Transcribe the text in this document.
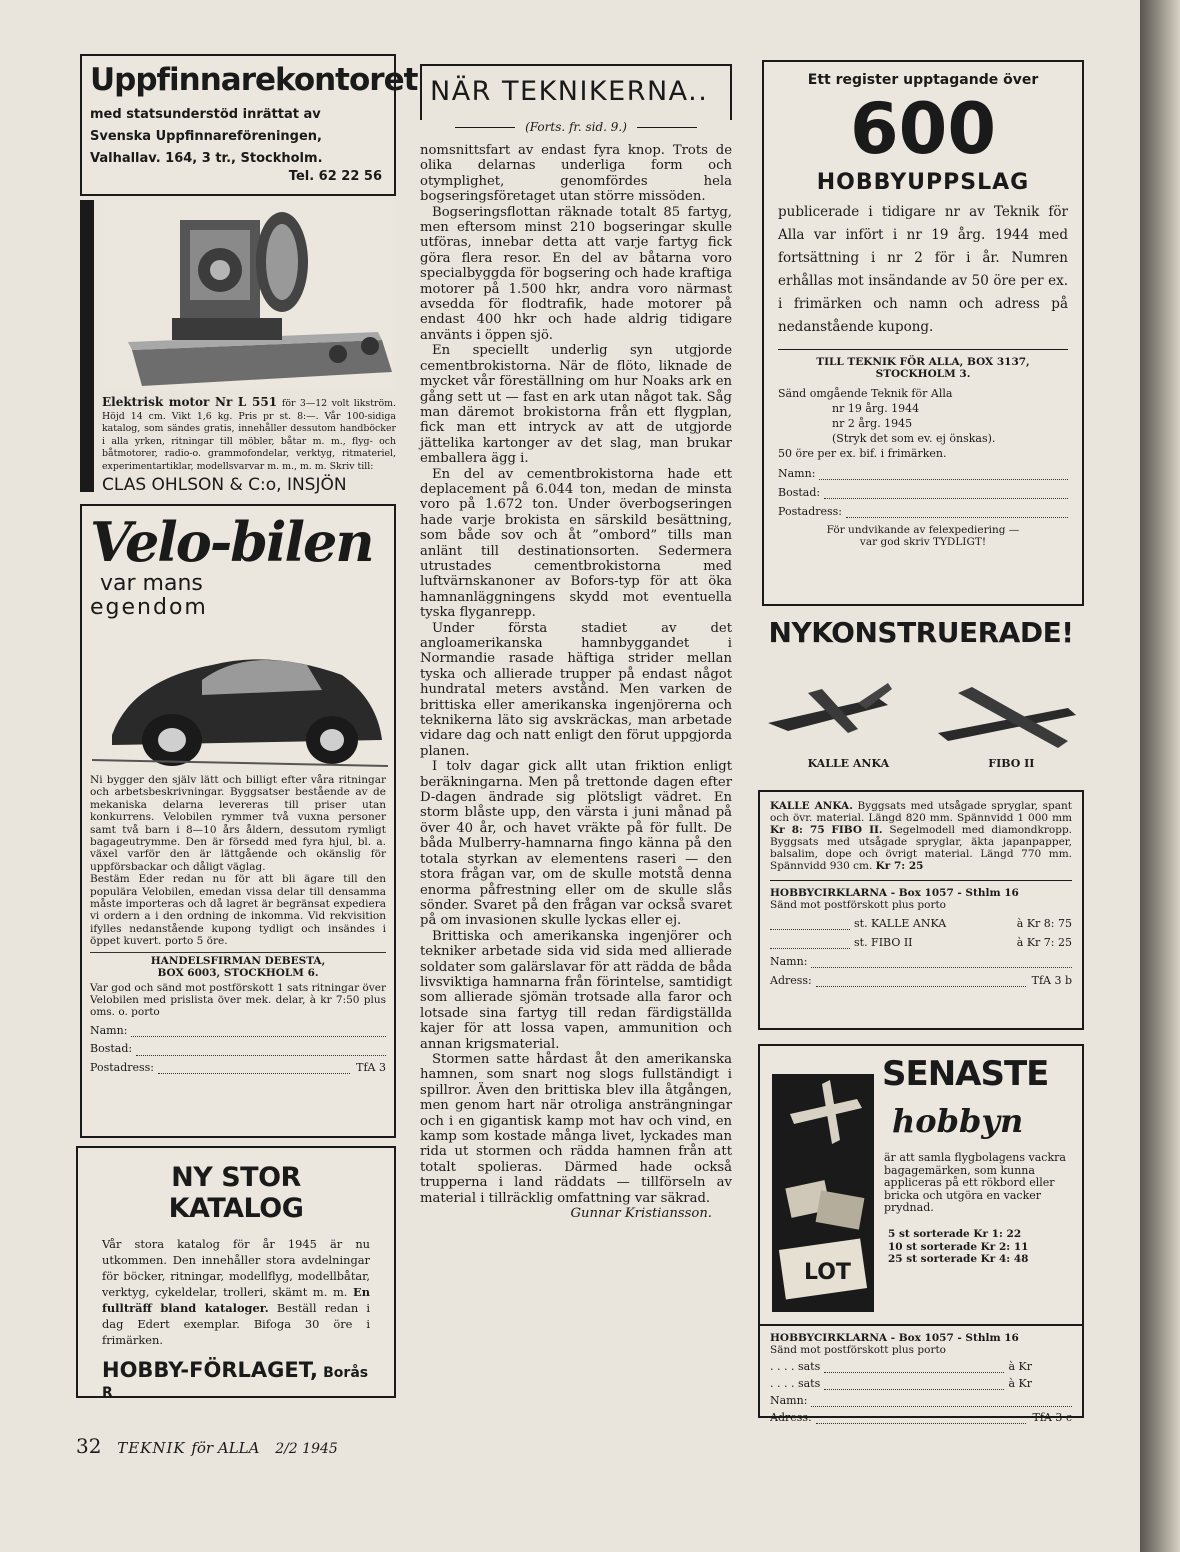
Uppfinnarekontoret
med statsunderstöd inrättat av Svenska Uppfinnareföreningen, Valhallav. 164, 3 tr., Stockholm.
Tel. 62 22 56
Elektrisk motor Nr L 551 för 3—12 volt likström. Höjd 14 cm. Vikt 1,6 kg. Pris pr st. 8:—. Vår 100-sidiga katalog, som sändes gratis, innehåller dessutom handböcker i alla yrken, ritningar till möbler, båtar m. m., flyg- och båtmotorer, radio-o. grammofondelar, verktyg, ritmateriel, experimentartiklar, modellsvarvar m. m., m. m. Skriv till:
CLAS OHLSON & C:o, INSJÖN
Velo-bilen
var mans
egendom
Ni bygger den själv lätt och billigt efter våra ritningar och arbetsbeskrivningar. Byggsatser bestående av de mekaniska delarna levereras till priser utan konkurrens. Velobilen rymmer två vuxna personer samt två barn i 8—10 års åldern, dessutom rymligt bagageutrymme. Den är försedd med fyra hjul, bl. a. växel varför den är lättgående och okänslig för uppförsbackar och dåligt väglag.
Bestäm Eder redan nu för att bli ägare till den populära Velobilen, emedan vissa delar till densamma måste importeras och då lagret är begränsat expediera vi ordern a i den ordning de inkomma. Vid rekvisition ifylles nedanstående kupong tydligt och insändes i öppet kuvert. porto 5 öre.
HANDELSFIRMAN DEBESTA,
BOX 6003, STOCKHOLM 6.
Var god och sänd mot postförskott 1 sats ritningar över Velobilen med prislista över mek. delar, à kr 7:50 plus oms. o. porto
Namn:
Bostad:
Postadress:	TfA 3
NY STOR KATALOG
Vår stora katalog för år 1945 är nu utkommen. Den innehåller stora avdelningar för böcker, ritningar, modellflyg, modellbåtar, verktyg, cykeldelar, trolleri, skämt m. m. En fullträff bland kataloger. Beställ redan i dag Edert exemplar. Bifoga 30 öre i frimärken.
HOBBY-FÖRLAGET, Borås R
NÄR TEKNIKERNA..
(Forts. fr. sid. 9.)

nomsnittsfart av endast fyra knop. Trots de olika delarnas underliga form och otymplighet, genomfördes hela bogseringsföretaget utan större missöden.

Bogseringsflottan räknade totalt 85 fartyg, men eftersom minst 210 bogseringar skulle utföras, innebar detta att varje fartyg fick göra flera resor. En del av båtarna voro specialbyggda för bogsering och hade kraftiga motorer på 1.500 hkr, andra voro närmast avsedda för flodtrafik, hade motorer på endast 400 hkr och hade aldrig tidigare använts i öppen sjö.

En speciellt underlig syn utgjorde cementbrokistorna. När de flöto, liknade de mycket vår föreställning om hur Noaks ark en gång sett ut — fast en ark utan något tak. Såg man däremot brokistorna från ett flygplan, fick man ett intryck av att de utgjorde jättelika kartonger av det slag, man brukar emballera ägg i.

En del av cementbrokistorna hade ett deplacement på 6.044 ton, medan de minsta voro på 1.672 ton. Under överbogseringen hade varje brokista en särskild besättning, som både sov och åt ”ombord” tills man anlänt till destinationsorten. Sedermera utrustades cementbrokistorna med luftvärnskanoner av Bofors-typ för att öka hamnanläggningens skydd mot eventuella tyska flyganrepp.

Under första stadiet av det angloamerikanska hamnbyggandet i Normandie rasade häftiga strider mellan tyska och allierade trupper på endast något hundratal meters avstånd. Men varken de brittiska eller amerikanska ingenjörerna och teknikerna läto sig avskräckas, man arbetade vidare dag och natt enligt den förut uppgjorda planen.

I tolv dagar gick allt utan friktion enligt beräkningarna. Men på trettonde dagen efter D-dagen ändrade sig plötsligt vädret. En storm blåste upp, den värsta i juni månad på över 40 år, och havet vräkte på för fullt. De båda Mulberry-hamnarna fingo känna på den totala styrkan av elementens raseri — den stora frågan var, om de skulle motstå denna enorma påfrestning eller om de skulle slås sönder. Svaret på den frågan var också svaret på om invasionen skulle lyckas eller ej.

Brittiska och amerikanska ingenjörer och tekniker arbetade sida vid sida med allierade soldater som galärslavar för att rädda de båda livsviktiga hamnarna från förintelse, samtidigt som allierade sjömän trotsade alla faror och lotsade sina fartyg till redan färdigställda kajer för att lossa vapen, ammunition och annan krigsmaterial.

Stormen satte hårdast åt den amerikanska hamnen, som snart nog slogs fullständigt i spillror. Även den brittiska blev illa åtgången, men genom hart när otroliga ansträngningar och i en gigantisk kamp mot hav och vind, en kamp som kostade många livet, lyckades man rida ut stormen och rädda hamnen från att totalt spolieras. Därmed hade också trupperna i land räddats — tillförseln av material i tillräcklig omfattning var säkrad.

Gunnar Kristiansson.
Ett register upptagande över
600
HOBBYUPPSLAG
publicerade i tidigare nr av Teknik för Alla var infört i nr 19 årg. 1944 med fortsättning i nr 2 för i år. Numren erhållas mot insändande av 50 öre per ex. i frimärken och namn och adress på nedanstående kupong.
TILL TEKNIK FÖR ALLA, BOX 3137,
STOCKHOLM 3.
Sänd omgående Teknik för Alla
nr 19 årg. 1944
nr 2 årg. 1945
(Stryk det som ev. ej önskas).
50 öre per ex. bif. i frimärken.
Namn:
Bostad:
Postadress:
För undvikande av felexpediering —
var god skriv TYDLIGT!
NYKONSTRUERADE!
KALLE ANKA	FIBO II
KALLE ANKA. Byggsats med utsågade spryglar, spant och övr. material. Längd 820 mm. Spännvidd 1 000 mm Kr 8: 75 FIBO II. Segelmodell med diamondkropp. Byggsats med utsågade spryglar, äkta japanpapper, balsalim, dope och övrigt material. Längd 770 mm. Spännvidd 930 cm. Kr 7: 25
HOBBYCIRKLARNA - Box 1057 - Sthlm 16
Sänd mot postförskott plus porto
st. KALLE ANKA	à Kr 8: 75
st. FIBO II	à Kr 7: 25
Namn:
Adress:	TfA 3 b
LOT
SENASTE
hobbyn
är att samla flygbolagens vackra bagagemärken, som kunna appliceras på ett rökbord eller bricka och utgöra en vacker prydnad.
5 st sorterade Kr 1: 22
10 st sorterade Kr 2: 11
25 st sorterade Kr 4: 48
HOBBYCIRKLARNA - Box 1057 - Sthlm 16
Sänd mot postförskott plus porto
. . . . sats	à Kr
. . . . sats	à Kr
Namn:
Adress:	TfA 3 c
32 TEKNIK för ALLA 2/2 1945
